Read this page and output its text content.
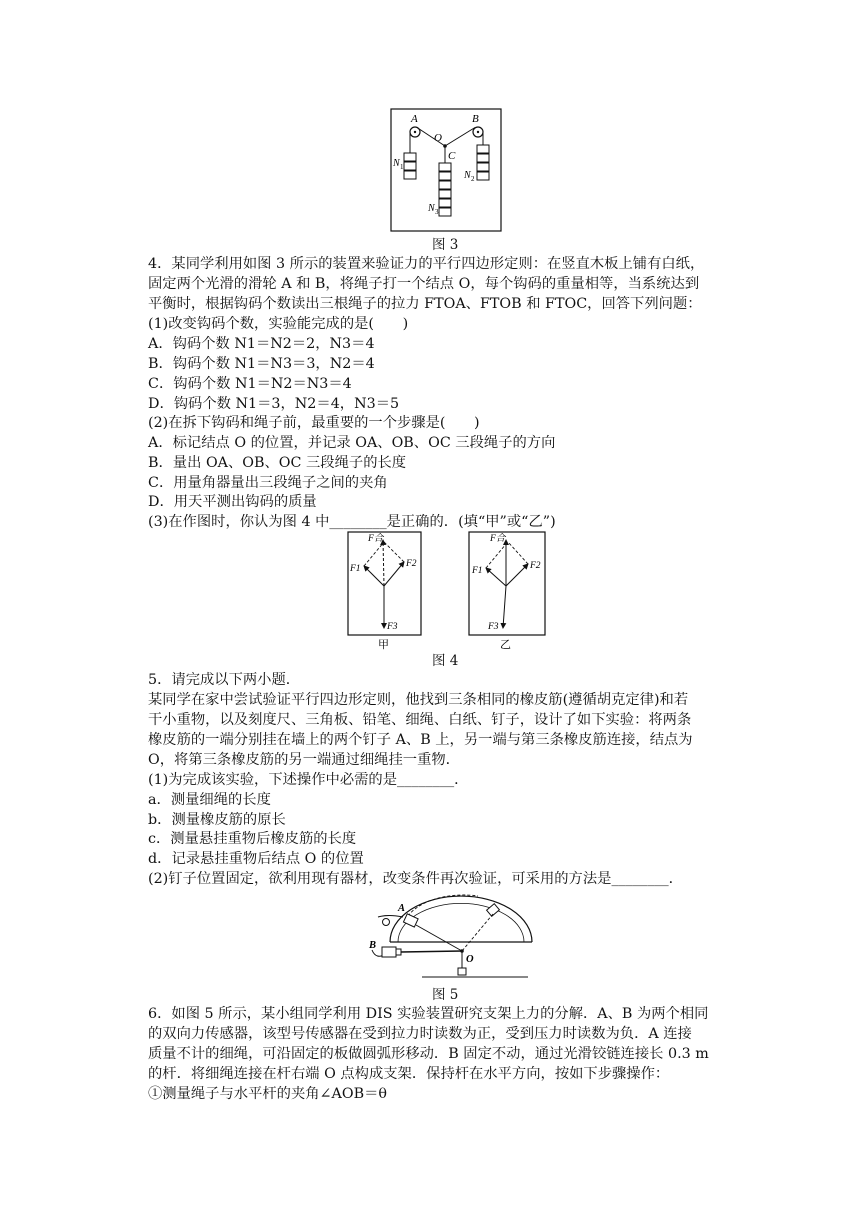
A	B
O
C
N 1
N 2
N 3
图 3
4．某同学利用如图 3 所示的装置来验证力的平行四边形定则：在竖直木板上铺有白纸，
固定两个光滑的滑轮 A 和 B，将绳子打一个结点 O，每个钩码的重量相等，当系统达到
平衡时，根据钩码个数读出三根绳子的拉力 FTOA、FTOB 和 FTOC，回答下列问题：
(1)改变钩码个数，实验能完成的是(　　)
A．钩码个数 N1＝N2＝2，N3＝4
B．钩码个数 N1＝N3＝3，N2＝4
C．钩码个数 N1＝N2＝N3＝4
D．钩码个数 N1＝3，N2＝4，N3＝5
(2)在拆下钩码和绳子前，最重要的一个步骤是(　　)
A．标记结点 O 的位置，并记录 OA、OB、OC 三段绳子的方向
B．量出 OA、OB、OC 三段绳子的长度
C．用量角器量出三段绳子之间的夹角
D．用天平测出钩码的质量
(3)在作图时，你认为图 4 中________是正确的．(填“甲”或“乙”)
F合
F1	F2
F3
甲
F合
F1	F2
F3
乙
图 4
5．请完成以下两小题．
某同学在家中尝试验证平行四边形定则，他找到三条相同的橡皮筋(遵循胡克定律)和若
干小重物，以及刻度尺、三角板、铅笔、细绳、白纸、钉子，设计了如下实验：将两条
橡皮筋的一端分别挂在墙上的两个钉子 A、B 上，另一端与第三条橡皮筋连接，结点为
O，将第三条橡皮筋的另一端通过细绳挂一重物．
(1)为完成该实验，下述操作中必需的是________．
a．测量细绳的长度
b．测量橡皮筋的原长
c．测量悬挂重物后橡皮筋的长度
d．记录悬挂重物后结点 O 的位置
(2)钉子位置固定，欲利用现有器材，改变条件再次验证，可采用的方法是________．
A
B
O
图 5
6．如图 5 所示，某小组同学利用 DIS 实验装置研究支架上力的分解．A、B 为两个相同
的双向力传感器，该型号传感器在受到拉力时读数为正，受到压力时读数为负．A 连接
质量不计的细绳，可沿固定的板做圆弧形移动．B 固定不动，通过光滑铰链连接长 0.3 m
的杆．将细绳连接在杆右端 O 点构成支架．保持杆在水平方向，按如下步骤操作：
①测量绳子与水平杆的夹角∠AOB＝θ
